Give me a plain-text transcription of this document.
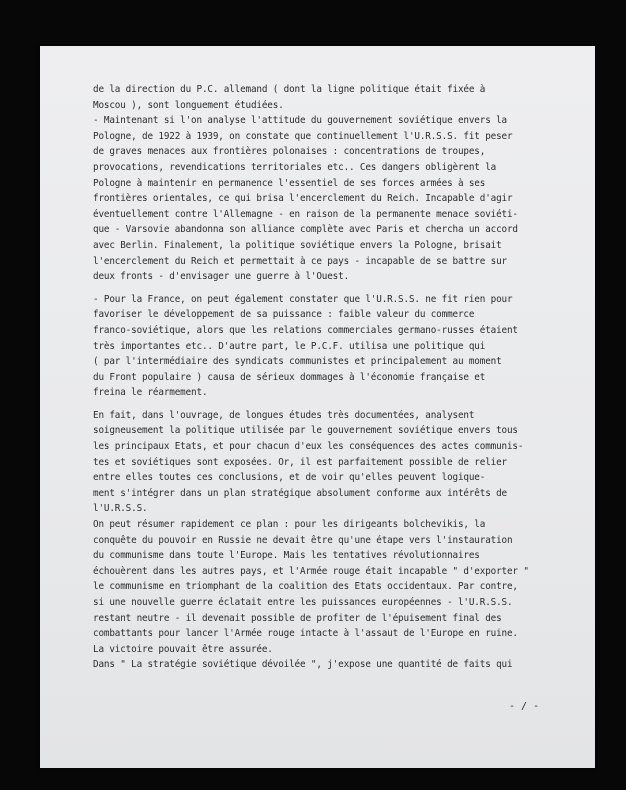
de la direction du P.C. allemand ( dont la ligne politique était fixée à
Moscou ), sont longuement étudiées.
- Maintenant si l'on analyse l'attitude du gouvernement soviétique envers la
Pologne, de 1922 à 1939, on constate que continuellement l'U.R.S.S. fit peser
de graves menaces aux frontières polonaises : concentrations de troupes,
provocations, revendications territoriales etc.. Ces dangers obligèrent la
Pologne à maintenir en permanence l'essentiel de ses forces armées à ses
frontières orientales, ce qui brisa l'encerclement du Reich. Incapable d'agir
éventuellement contre l'Allemagne - en raison de la permanente menace soviéti-
que - Varsovie abandonna son alliance complète avec Paris et chercha un accord
avec Berlin. Finalement, la politique soviétique envers la Pologne, brisait
l'encerclement du Reich et permettait à ce pays - incapable de se battre sur
deux fronts - d'envisager une guerre à l'Ouest.
- Pour la France, on peut également constater que l'U.R.S.S. ne fit rien pour
favoriser le développement de sa puissance : faible valeur du commerce
franco-soviétique, alors que les relations commerciales germano-russes étaient
très importantes etc.. D'autre part, le P.C.F. utilisa une politique qui
( par l'intermédiaire des syndicats communistes et principalement au moment
du Front populaire ) causa de sérieux dommages à l'économie française et
freina le réarmement.
En fait, dans l'ouvrage, de longues études très documentées, analysent
soigneusement la politique utilisée par le gouvernement soviétique envers tous
les principaux Etats, et pour chacun d'eux les conséquences des actes communis-
tes et soviétiques sont exposées. Or, il est parfaitement possible de relier
entre elles toutes ces conclusions, et de voir qu'elles peuvent logique-
ment s'intégrer dans un plan stratégique absolument conforme aux intérêts de
l'U.R.S.S.
On peut résumer rapidement ce plan : pour les dirigeants bolchevikis, la
conquête du pouvoir en Russie ne devait être qu'une étape vers l'instauration
du communisme dans toute l'Europe. Mais les tentatives révolutionnaires
échouèrent dans les autres pays, et l'Armée rouge était incapable " d'exporter "
le communisme en triomphant de la coalition des Etats occidentaux. Par contre,
si une nouvelle guerre éclatait entre les puissances européennes - l'U.R.S.S.
restant neutre - il devenait possible de profiter de l'épuisement final des
combattants pour lancer l'Armée rouge intacte à l'assaut de l'Europe en ruine.
La victoire pouvait être assurée.
Dans " La stratégie soviétique dévoilée ", j'expose une quantité de faits qui
- / -
